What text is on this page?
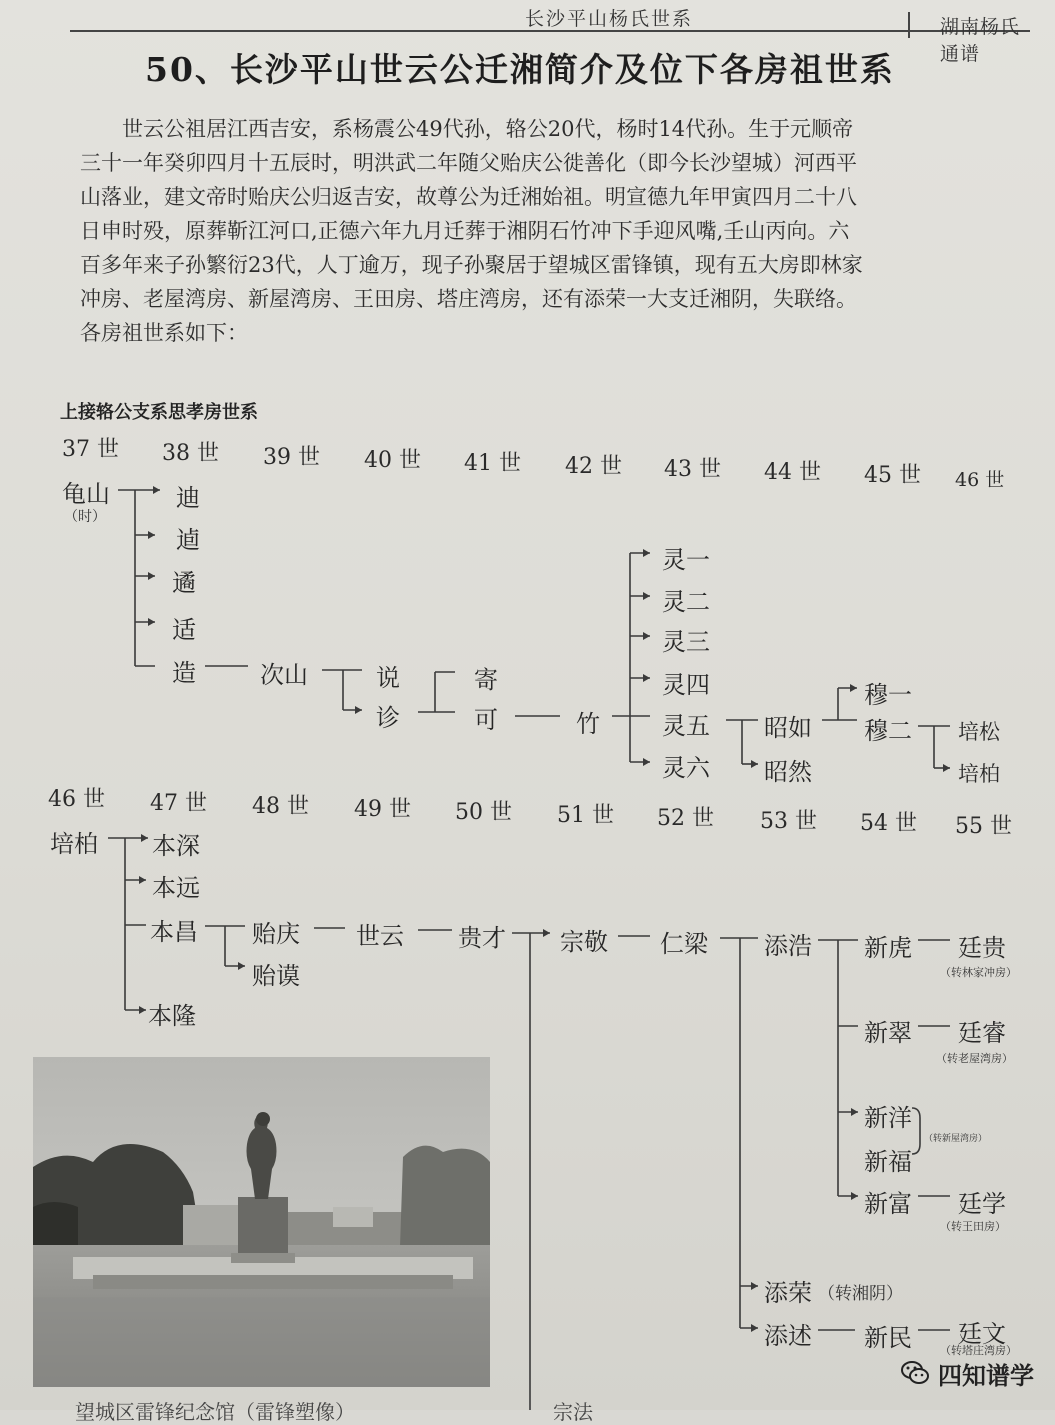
长沙平山杨氏世系	湖南杨氏通谱
50、长沙平山世云公迁湘简介及位下各房祖世系

世云公祖居江西吉安，系杨震公49代孙，辂公20代，杨时14代孙。生于元顺帝

三十一年癸卯四月十五辰时，明洪武二年随父贻庆公徙善化（即今长沙望城）河西平
山落业，建文帝时贻庆公归返吉安，故尊公为迁湘始祖。明宣德九年甲寅四月二十八
日申时殁，原葬靳江河口,正德六年九月迁葬于湘阴石竹冲下手迎风嘴,壬山丙向。六
百多年来子孙繁衍23代，人丁逾万，现子孙聚居于望城区雷锋镇，现有五大房即林家
冲房、老屋湾房、新屋湾房、王田房、塔庄湾房，还有添荣一大支迁湘阴，失联络。
各房祖世系如下：
上接辂公支系思孝房世系
37 世 38 世 39 世 40 世 41 世 42 世 43 世 44 世 45 世 46 世
龟山
（时）
迪
逌
遹
适
造	次山	说
诊
寄
可	竹
灵一
灵二
灵三
灵四
灵五
灵六
昭如
昭然
穆一
穆二 培松
培柏
46 世 47 世 48 世 49 世 50 世 51 世 52 世 53 世 54 世 55 世
培柏 本深
本远
本昌
本隆
贻庆
贻谟
世云 贵才 宗敬 仁梁 添浩
添荣 （转湘阴）
添述
新虎
新翠
新洋
新福
新富
新民
廷贵
廷睿
廷学
廷文
（转林家冲房）
（转老屋湾房）
（转新屋湾房）
（转王田房）
（转塔庄湾房）
望城区雷锋纪念馆（雷锋塑像）	宗法
四知谱学
